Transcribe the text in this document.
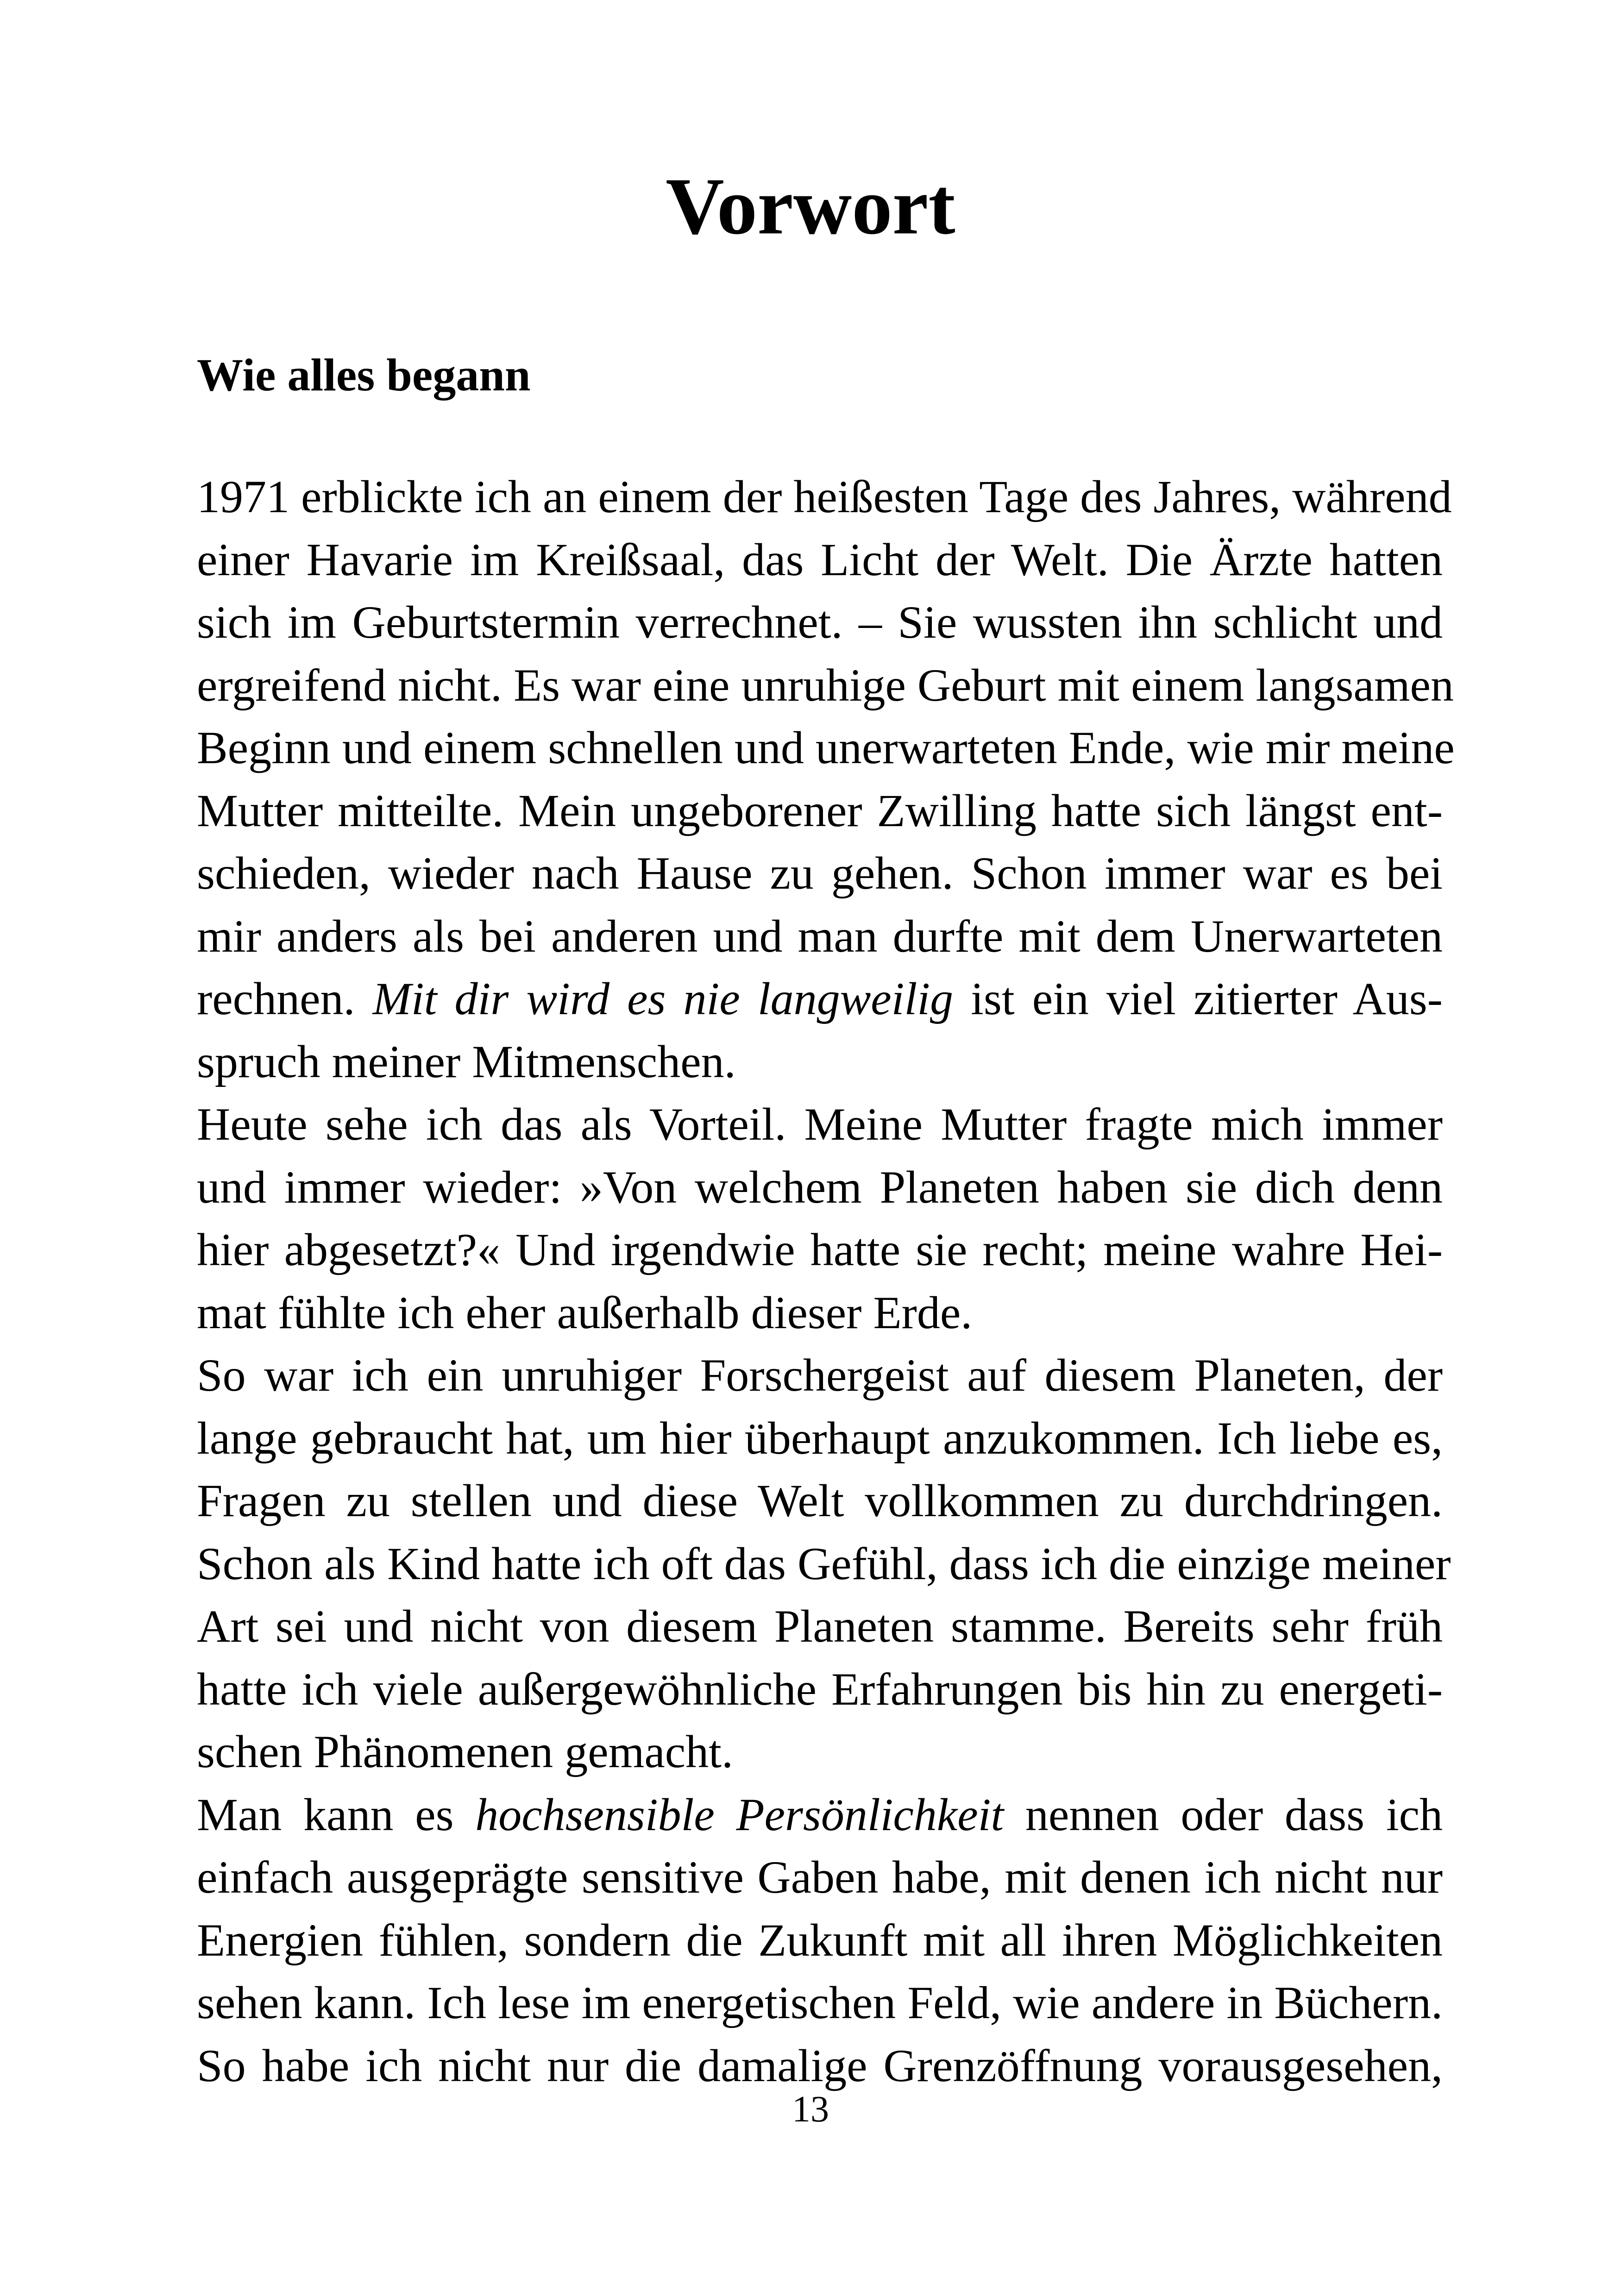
Vorwort
Wie alles begann
1971 erblickte ich an einem der heißesten Tage des Jahres, während
einer Havarie im Kreißsaal, das Licht der Welt. Die Ärzte hatten
sich im Geburtstermin verrechnet. – Sie wussten ihn schlicht und
ergreifend nicht. Es war eine unruhige Geburt mit einem langsamen
Beginn und einem schnellen und unerwarteten Ende, wie mir meine
Mutter mitteilte. Mein ungeborener Zwilling hatte sich längst ent-
schieden, wieder nach Hause zu gehen. Schon immer war es bei
mir anders als bei anderen und man durfte mit dem Unerwarteten
rechnen. Mit dir wird es nie langweilig ist ein viel zitierter Aus-
spruch meiner Mitmenschen.
Heute sehe ich das als Vorteil. Meine Mutter fragte mich immer
und immer wieder: »Von welchem Planeten haben sie dich denn
hier abgesetzt?« Und irgendwie hatte sie recht; meine wahre Hei-
mat fühlte ich eher außerhalb dieser Erde.
So war ich ein unruhiger Forschergeist auf diesem Planeten, der
lange gebraucht hat, um hier überhaupt anzukommen. Ich liebe es,
Fragen zu stellen und diese Welt vollkommen zu durchdringen.
Schon als Kind hatte ich oft das Gefühl, dass ich die einzige meiner
Art sei und nicht von diesem Planeten stamme. Bereits sehr früh
hatte ich viele außergewöhnliche Erfahrungen bis hin zu energeti-
schen Phänomenen gemacht.
Man kann es hochsensible Persönlichkeit nennen oder dass ich
einfach ausgeprägte sensitive Gaben habe, mit denen ich nicht nur
Energien fühlen, sondern die Zukunft mit all ihren Möglichkeiten
sehen kann. Ich lese im energetischen Feld, wie andere in Büchern.
So habe ich nicht nur die damalige Grenzöffnung vorausgesehen,
13
